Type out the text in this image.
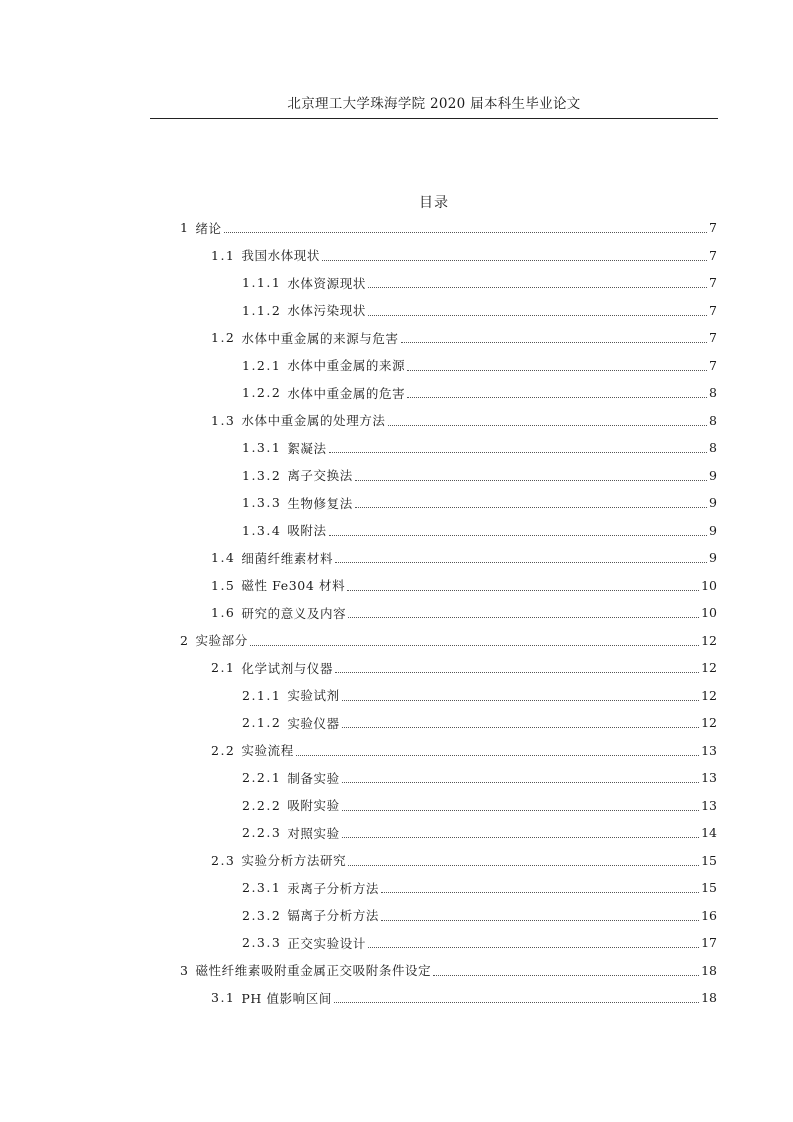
北京理工大学珠海学院 2020 届本科生毕业论文
目录
1 绪论	7
1.1 我国水体现状	7
1.1.1 水体资源现状	7
1.1.2 水体污染现状	7
1.2 水体中重金属的来源与危害	7
1.2.1 水体中重金属的来源	7
1.2.2 水体中重金属的危害	8
1.3 水体中重金属的处理方法	8
1.3.1 絮凝法	8
1.3.2 离子交换法	9
1.3.3 生物修复法	9
1.3.4 吸附法	9
1.4 细菌纤维素材料	9
1.5 磁性 Fe304 材料	10
1.6 研究的意义及内容	10
2 实验部分	12
2.1 化学试剂与仪器	12
2.1.1 实验试剂	12
2.1.2 实验仪器	12
2.2 实验流程	13
2.2.1 制备实验	13
2.2.2 吸附实验	13
2.2.3 对照实验	14
2.3 实验分析方法研究	15
2.3.1 汞离子分析方法	15
2.3.2 镉离子分析方法	16
2.3.3 正交实验设计	17
3 磁性纤维素吸附重金属正交吸附条件设定	18
3.1 PH 值影响区间	18
